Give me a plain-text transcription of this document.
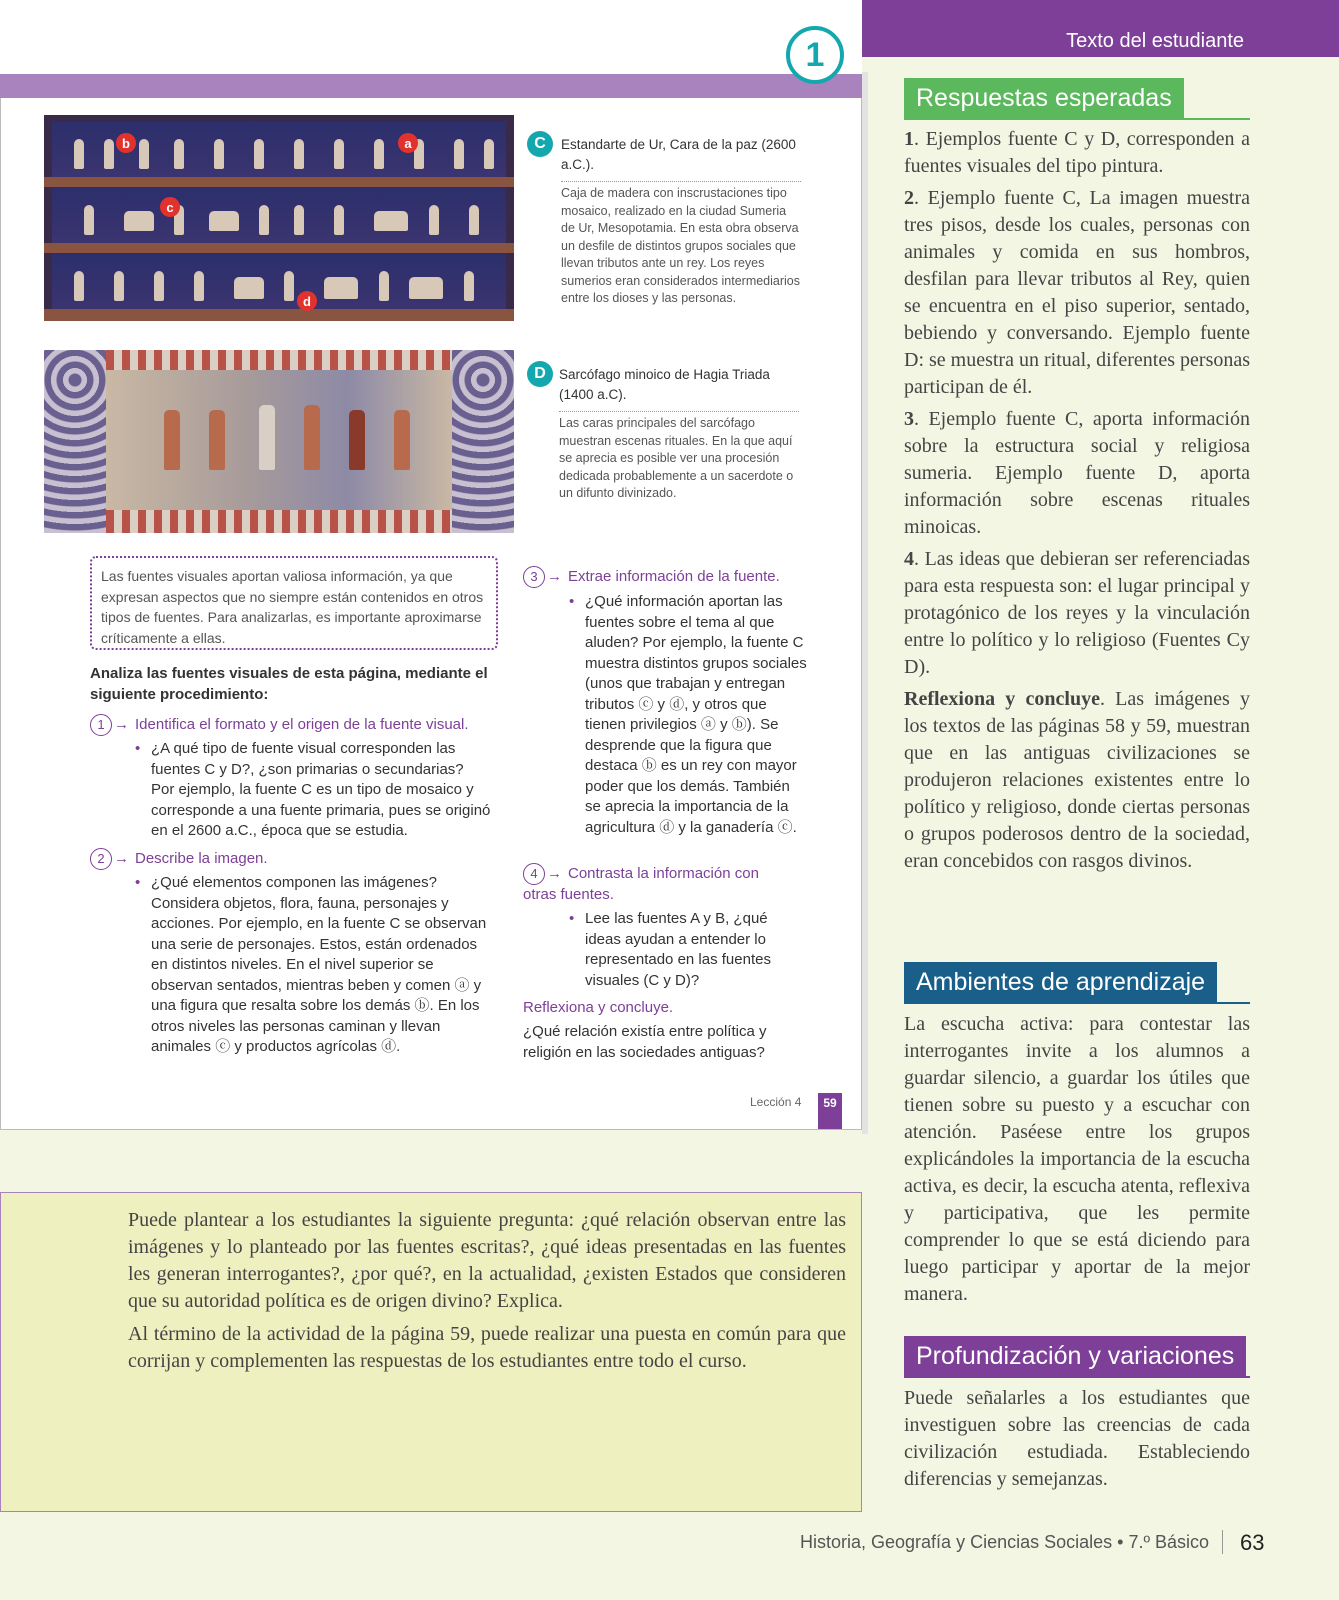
Texto del estudiante
1
b	a
c
d
C	Estandarte de Ur, Cara de la paz (2600 a.C.).
Caja de madera con inscrustaciones tipo mosaico, realizado en la ciudad Sumeria de Ur, Mesopotamia. En esta obra observa un desfile de distintos grupos sociales que llevan tributos ante un rey. Los reyes sumerios eran considerados intermediarios entre los dioses y las personas.
D Sarcófago minoico de Hagia Triada (1400 a.C).
Las caras principales del sarcófago muestran escenas rituales. En la que aquí se aprecia es posible ver una procesión dedicada probablemente a un sacerdote o un difunto divinizado.
Las fuentes visuales aportan valiosa información, ya que expresan aspectos que no siempre están contenidos en otros tipos de fuentes. Para analizarlas, es importante aproximarse críticamente a ellas.
Analiza las fuentes visuales de esta página, mediante el siguiente procedimiento:
1 → Identifica el formato y el origen de la fuente visual.
• ¿A qué tipo de fuente visual corresponden las fuentes C y D?, ¿son primarias o secundarias? Por ejemplo, la fuente C es un tipo de mosaico y corresponde a una fuente primaria, pues se originó en el 2600 a.C., época que se estudia.
2 → Describe la imagen.
• ¿Qué elementos componen las imágenes? Considera objetos, flora, fauna, personajes y acciones. Por ejemplo, en la fuente C se observan una serie de personajes. Estos, están ordenados en distintos niveles. En el nivel superior se observan sentados, mientras beben y comen ⓐ y una figura que resalta sobre los demás ⓑ. En los otros niveles las personas caminan y llevan animales ⓒ y productos agrícolas ⓓ.
3 → Extrae información de la fuente.
• ¿Qué información aportan las fuentes sobre el tema al que aluden? Por ejemplo, la fuente C muestra distintos grupos sociales (unos que trabajan y entregan tributos ⓒ y ⓓ, y otros que tienen privilegios ⓐ y ⓑ). Se desprende que la figura que destaca ⓑ es un rey con mayor poder que los demás. También se aprecia la importancia de la agricultura ⓓ y la ganadería ⓒ.
4 → Contrasta la información con otras fuentes.
• Lee las fuentes A y B, ¿qué ideas ayudan a entender lo representado en las fuentes visuales (C y D)?
Reflexiona y concluye.
¿Qué relación existía entre política y religión en las sociedades antiguas?
Lección 4	59

Puede plantear a los estudiantes la siguiente pregunta: ¿qué relación observan entre las imágenes y lo planteado por las fuentes escritas?, ¿qué ideas presentadas en las fuentes les generan interrogantes?, ¿por qué?, en la actualidad, ¿existen Estados que consideren que su autoridad política es de origen divino? Explica.

Al término de la actividad de la página 59, puede realizar una puesta en común para que corrijan y complementen las respuestas de los estudiantes entre todo el curso.

Respuestas esperadas

1. Ejemplos fuente C y D, corresponden a fuentes visuales del tipo pintura.

2. Ejemplo fuente C, La imagen muestra tres pisos, desde los cuales, personas con animales y comida en sus hombros, desfilan para llevar tributos al Rey, quien se encuentra en el piso superior, sentado, bebiendo y conversando. Ejemplo fuente D: se muestra un ritual, diferentes personas participan de él.

3. Ejemplo fuente C, aporta información sobre la estructura social y religiosa sumeria. Ejemplo fuente D, aporta información sobre escenas rituales minoicas.

4. Las ideas que debieran ser referenciadas para esta respuesta son: el lugar principal y protagónico de los reyes y la vinculación entre lo político y lo religioso (Fuentes Cy D).

Reflexiona y concluye. Las imágenes y los textos de las páginas 58 y 59, muestran que en las antiguas civilizaciones se produjeron relaciones existentes entre lo político y religioso, donde ciertas personas o grupos poderosos dentro de la sociedad, eran concebidos con rasgos divinos.

Ambientes de aprendizaje
La escucha activa: para contestar las interrogantes invite a los alumnos a guardar silencio, a guardar los útiles que tienen sobre su puesto y a escuchar con atención. Paséese entre los grupos explicándoles la importancia de la escucha activa, es decir, la escucha atenta, reflexiva y participativa, que les permite comprender lo que se está diciendo para luego participar y aportar de la mejor manera.
Profundización y variaciones
Puede señalarles a los estudiantes que investiguen sobre las creencias de cada civilización estudiada. Estableciendo diferencias y semejanzas.
Historia, Geografía y Ciencias Sociales • 7.º Básico 63
